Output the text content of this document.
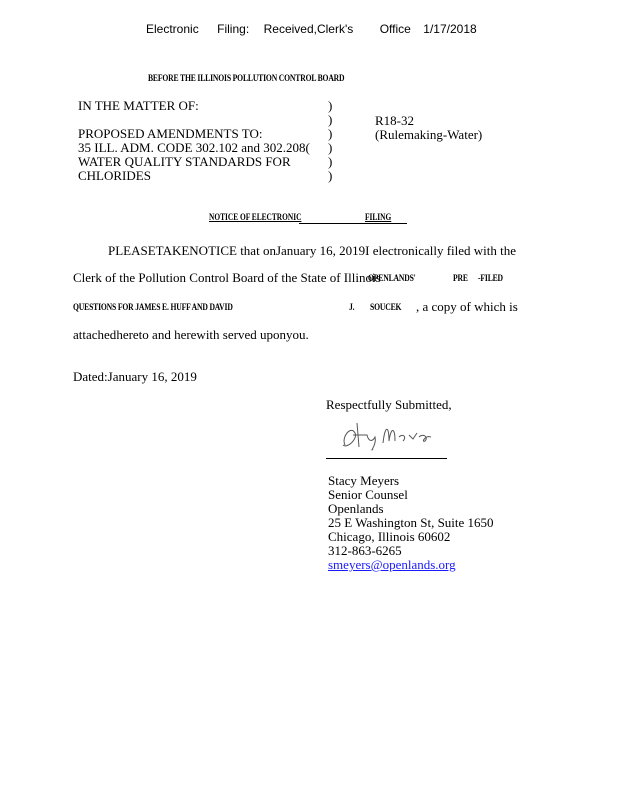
Electronic Filing: Received,Clerk's Office 1/17/2018
BEFORE THE ILLINOIS POLLUTION CONTROL BOARD
IN THE MATTER OF:
PROPOSED AMENDMENTS TO:
35 ILL. ADM. CODE 302.102 and 302.208(
WATER QUALITY STANDARDS FOR
CHLORIDES
)
)
)
)
)
)
R18-32
(Rulemaking-Water)
NOTICE OF ELECTRONIC	FILING
PLEASETAKENOTICE that onJanuary 16, 2019I electronically filed with the
Clerk of the Pollution Control Board of the State of Illinois
OPENLANDS'	PRE -FILED
QUESTIONS FOR JAMES E. HUFF AND DAVID	J. SOUCEK , a copy of which is
attachedhereto and herewith served uponyou.
Dated:January 16, 2019
Respectfully Submitted,
Stacy Meyers
Senior Counsel
Openlands
25 E Washington St, Suite 1650
Chicago, Illinois 60602
312-863-6265
smeyers@openlands.org
